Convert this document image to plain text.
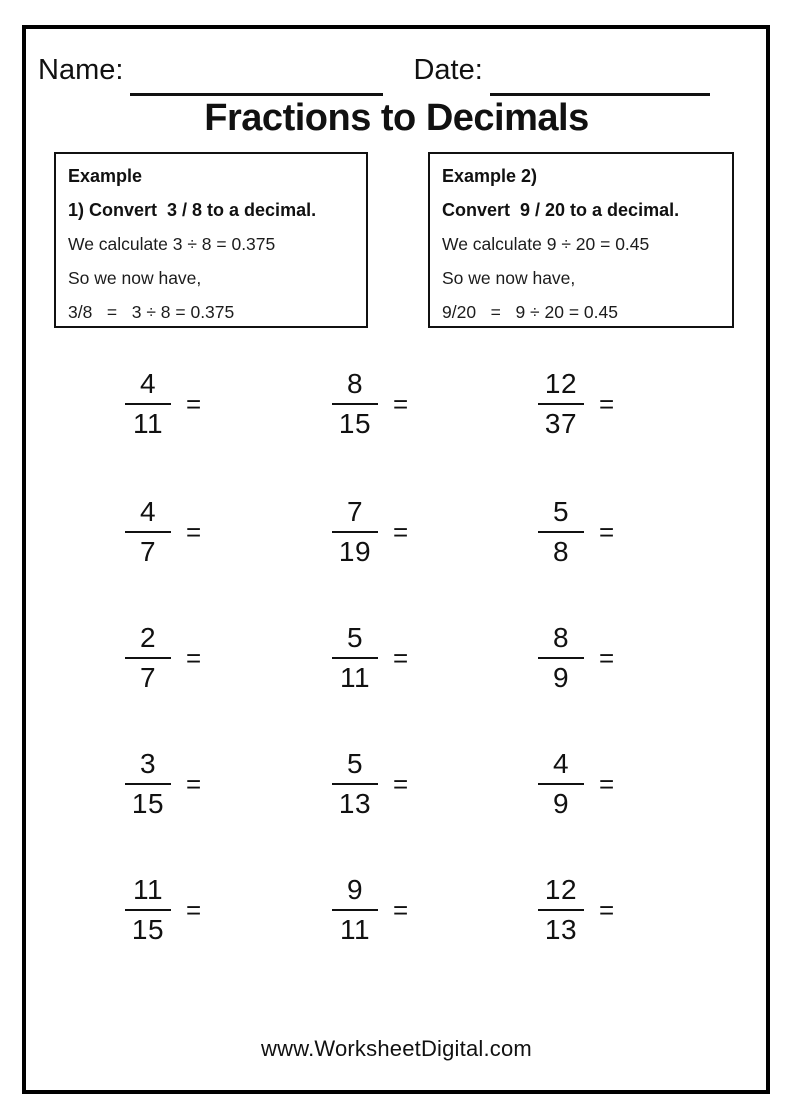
Name:	Date:
Fractions to Decimals

Example

1) Convert  3 / 8 to a decimal.

We calculate 3 ÷ 8 = 0.375

So we now have,

3/8   =   3 ÷ 8 = 0.375

Example 2)

Convert  9 / 20 to a decimal.

We calculate 9 ÷ 20 = 0.45

So we now have,

9/20   =   9 ÷ 20 = 0.45

$\frac{4}{11}$ =	$\frac{8}{15}$ =	$\frac{12}{37}$ =
$\frac{4}{7}$ =	$\frac{7}{19}$ =	$\frac{5}{8}$ =
$\frac{2}{7}$ =	$\frac{5}{11}$ =	$\frac{8}{9}$ =
$\frac{3}{15}$ =	$\frac{5}{13}$ =	$\frac{4}{9}$ =
$\frac{11}{15}$ =	$\frac{9}{11}$ =	$\frac{12}{13}$ =
www.WorksheetDigital.com
